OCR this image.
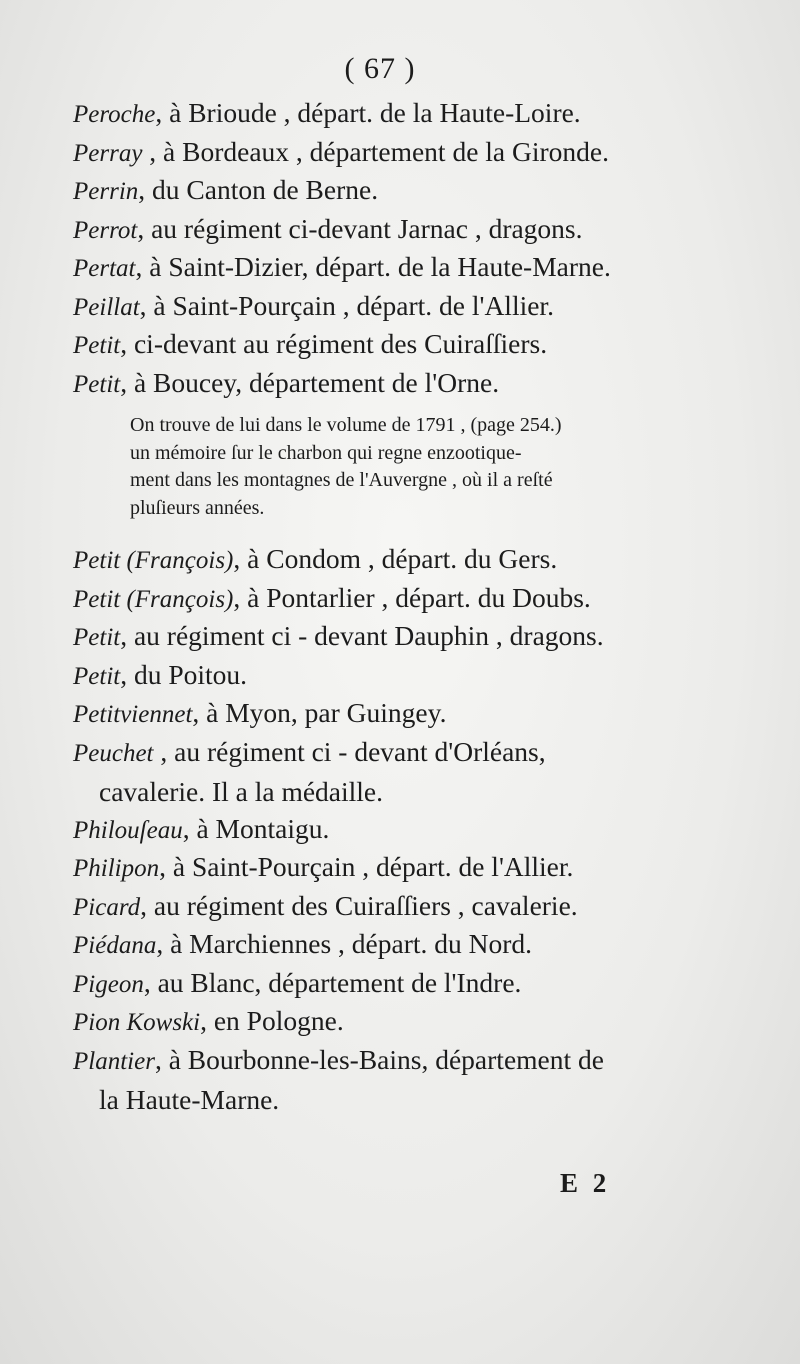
( 67 )
Peroche, à Brioude , départ. de la Haute-Loire.
Perray , à Bordeaux , département de la Gironde.
Perrin, du Canton de Berne.
Perrot, au régiment ci-devant Jarnac , dragons.
Pertat, à Saint-Dizier, départ. de la Haute-Marne.
Peillat, à Saint-Pourçain , départ. de l'Allier.
Petit, ci-devant au régiment des Cuiraſſiers.
Petit, à Boucey, département de l'Orne.
On trouve de lui dans le volume de 1791 , (page 254.)
un mémoire ſur le charbon qui regne enzootique-
ment dans les montagnes de l'Auvergne , où il a reſté
pluſieurs années.
Petit (François), à Condom , départ. du Gers.
Petit (François), à Pontarlier , départ. du Doubs.
Petit, au régiment ci - devant Dauphin , dragons.
Petit, du Poitou.
Petitviennet, à Myon, par Guingey.
Peuchet , au régiment ci - devant d'Orléans,
cavalerie. Il a la médaille.
Philouſeau, à Montaigu.
Philipon, à Saint-Pourçain , départ. de l'Allier.
Picard, au régiment des Cuiraſſiers , cavalerie.
Piédana, à Marchiennes , départ. du Nord.
Pigeon, au Blanc, département de l'Indre.
Pion Kowski, en Pologne.
Plantier, à Bourbonne-les-Bains, département de
la Haute-Marne.
E 2
